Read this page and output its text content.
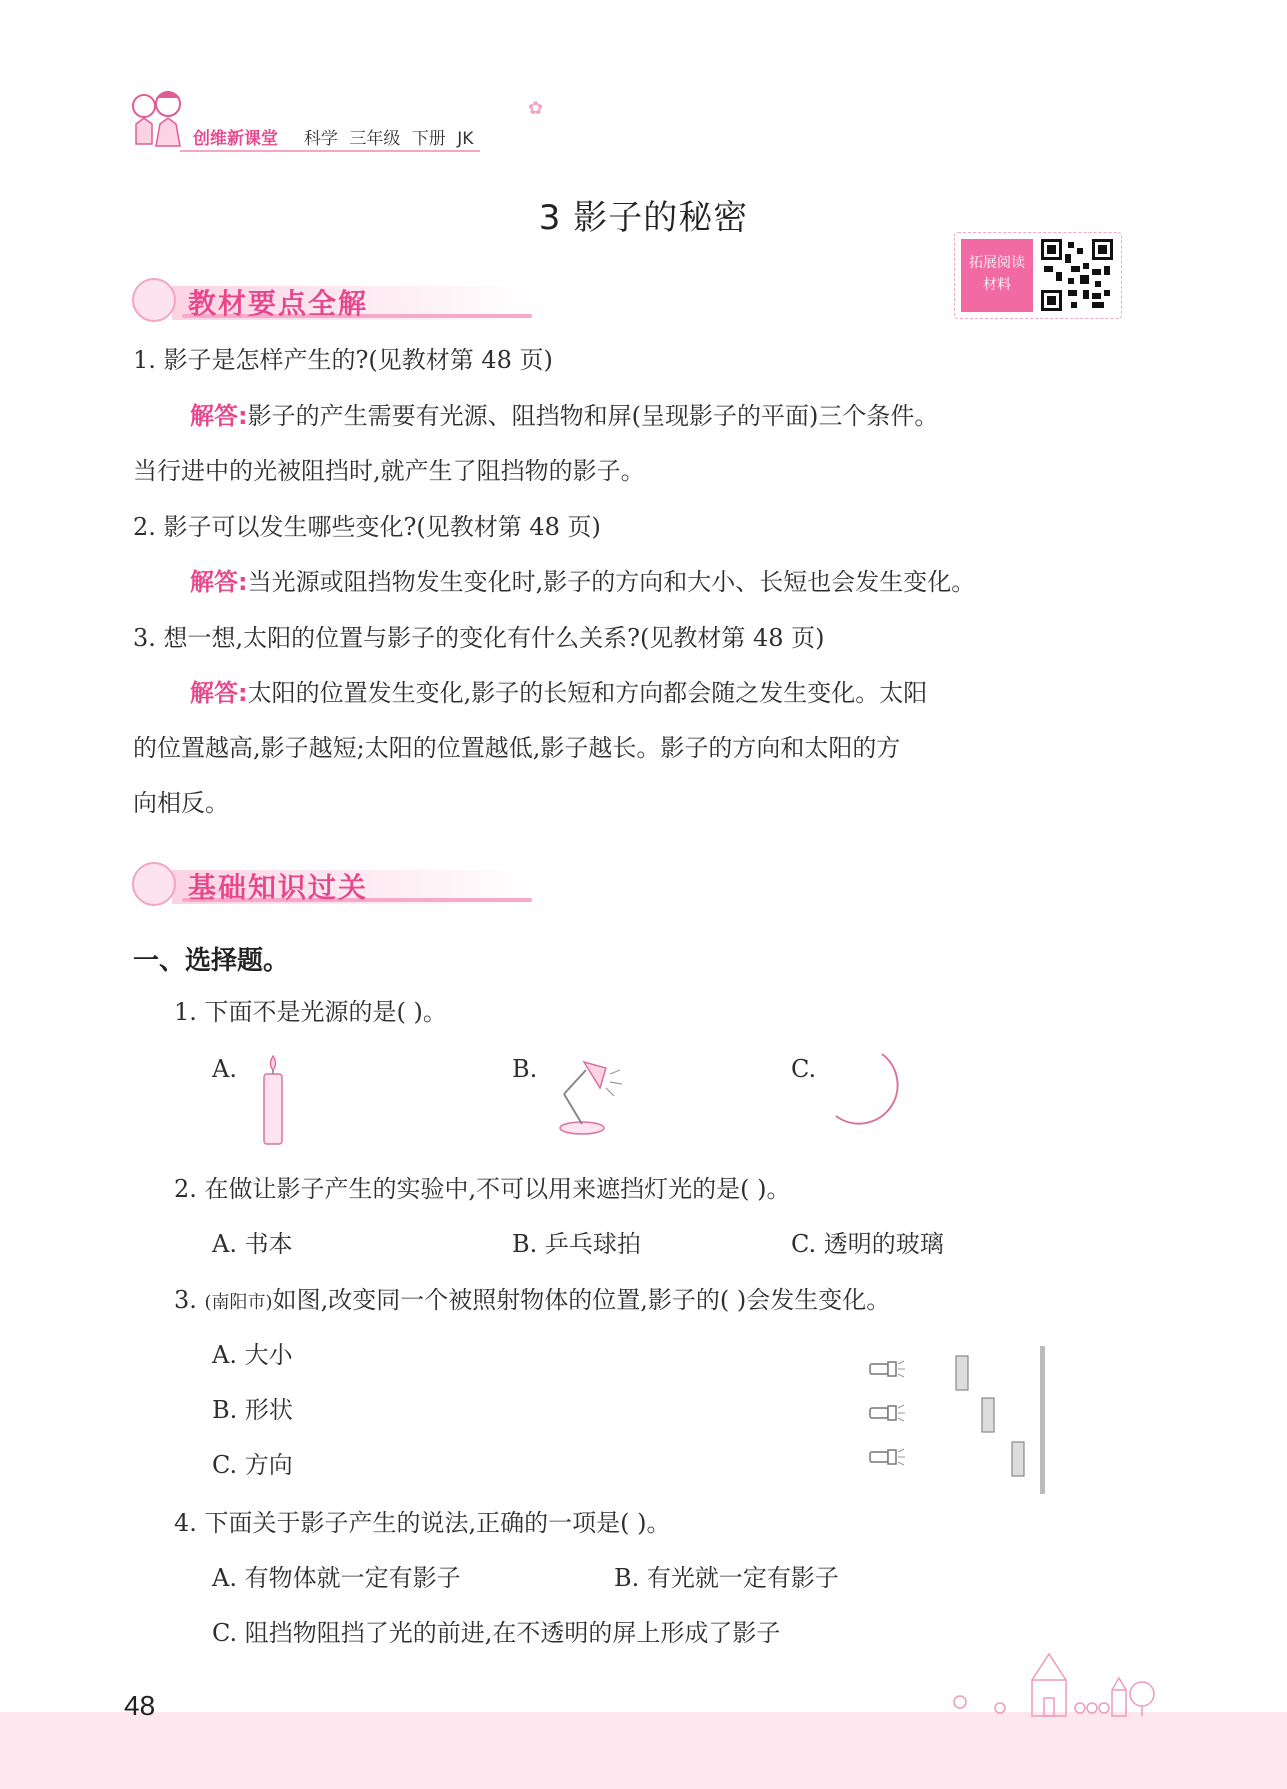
创维新课堂 科学 三年级 下册 JK
✿
3 影子的秘密
拓展阅读
材料
教材要点全解
1. 影子是怎样产生的?(见教材第 48 页)
解答:影子的产生需要有光源、阻挡物和屏(呈现影子的平面)三个条件。
当行进中的光被阻挡时,就产生了阻挡物的影子。
2. 影子可以发生哪些变化?(见教材第 48 页)
解答:当光源或阻挡物发生变化时,影子的方向和大小、长短也会发生变化。
3. 想一想,太阳的位置与影子的变化有什么关系?(见教材第 48 页)
解答:太阳的位置发生变化,影子的长短和方向都会随之发生变化。太阳
的位置越高,影子越短;太阳的位置越低,影子越长。影子的方向和太阳的方
向相反。
基础知识过关
一、选择题。
1. 下面不是光源的是( )。
A.	B.	C.
2. 在做让影子产生的实验中,不可以用来遮挡灯光的是( )。
A. 书本	B. 乒乓球拍	C. 透明的玻璃
3. (南阳市)如图,改变同一个被照射物体的位置,影子的( )会发生变化。
A. 大小
B. 形状
C. 方向
4. 下面关于影子产生的说法,正确的一项是( )。
A. 有物体就一定有影子	B. 有光就一定有影子
C. 阻挡物阻挡了光的前进,在不透明的屏上形成了影子
48
